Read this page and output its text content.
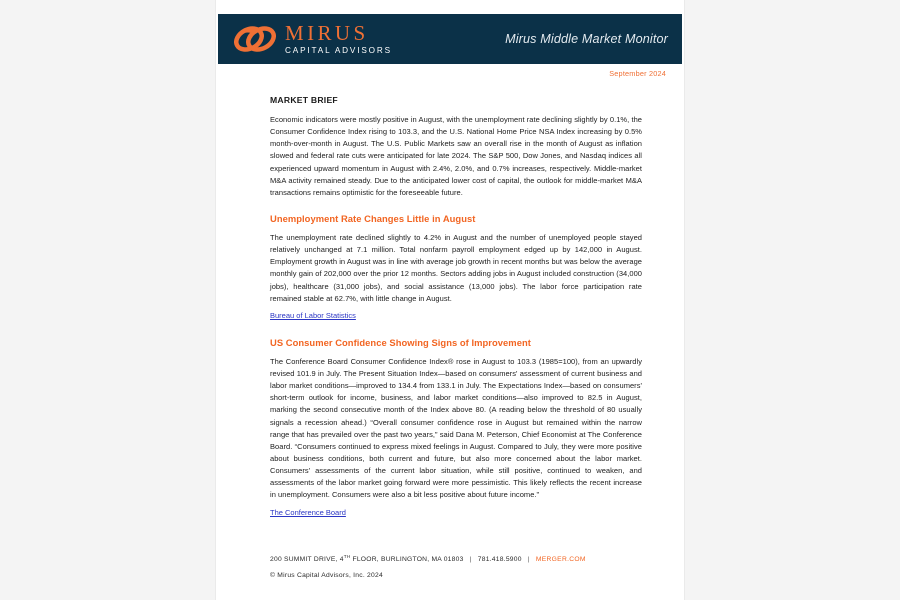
MIRUS
CAPITAL ADVISORS
Mirus Middle Market Monitor
September 2024
MARKET BRIEF

Economic indicators were mostly positive in August, with the unemployment rate declining slightly by 0.1%, the Consumer Confidence Index rising to 103.3, and the U.S. National Home Price NSA Index increasing by 0.5% month-over-month in August. The U.S. Public Markets saw an overall rise in the month of August as inflation slowed and federal rate cuts were anticipated for late 2024. The S&P 500, Dow Jones, and Nasdaq indices all experienced upward momentum in August with 2.4%, 2.0%, and 0.7% increases, respectively. Middle-market M&A activity remained steady. Due to the anticipated lower cost of capital, the outlook for middle-market M&A transactions remains optimistic for the foreseeable future.

Unemployment Rate Changes Little in August

The unemployment rate declined slightly to 4.2% in August and the number of unemployed people stayed relatively unchanged at 7.1 million. Total nonfarm payroll employment edged up by 142,000 in August. Employment growth in August was in line with average job growth in recent months but was below the average monthly gain of 202,000 over the prior 12 months. Sectors adding jobs in August included construction (34,000 jobs), healthcare (31,000 jobs), and social assistance (13,000 jobs). The labor force participation rate remained stable at 62.7%, with little change in August.

Bureau of Labor Statistics
US Consumer Confidence Showing Signs of Improvement

The Conference Board Consumer Confidence Index® rose in August to 103.3 (1985=100), from an upwardly revised 101.9 in July. The Present Situation Index—based on consumers' assessment of current business and labor market conditions—improved to 134.4 from 133.1 in July. The Expectations Index—based on consumers' short-term outlook for income, business, and labor market conditions—also improved to 82.5 in August, marking the second consecutive month of the Index above 80. (A reading below the threshold of 80 usually signals a recession ahead.) “Overall consumer confidence rose in August but remained within the narrow range that has prevailed over the past two years,” said Dana M. Peterson, Chief Economist at The Conference Board. “Consumers continued to express mixed feelings in August. Compared to July, they were more positive about business conditions, both current and future, but also more concerned about the labor market. Consumers' assessments of the current labor situation, while still positive, continued to weaken, and assessments of the labor market going forward were more pessimistic. This likely reflects the recent increase in unemployment. Consumers were also a bit less positive about future income.”

The Conference Board
200 SUMMIT DRIVE, 4TH FLOOR, BURLINGTON, MA 01803 | 781.418.5900 | MERGER.COM
© Mirus Capital Advisors, Inc. 2024
